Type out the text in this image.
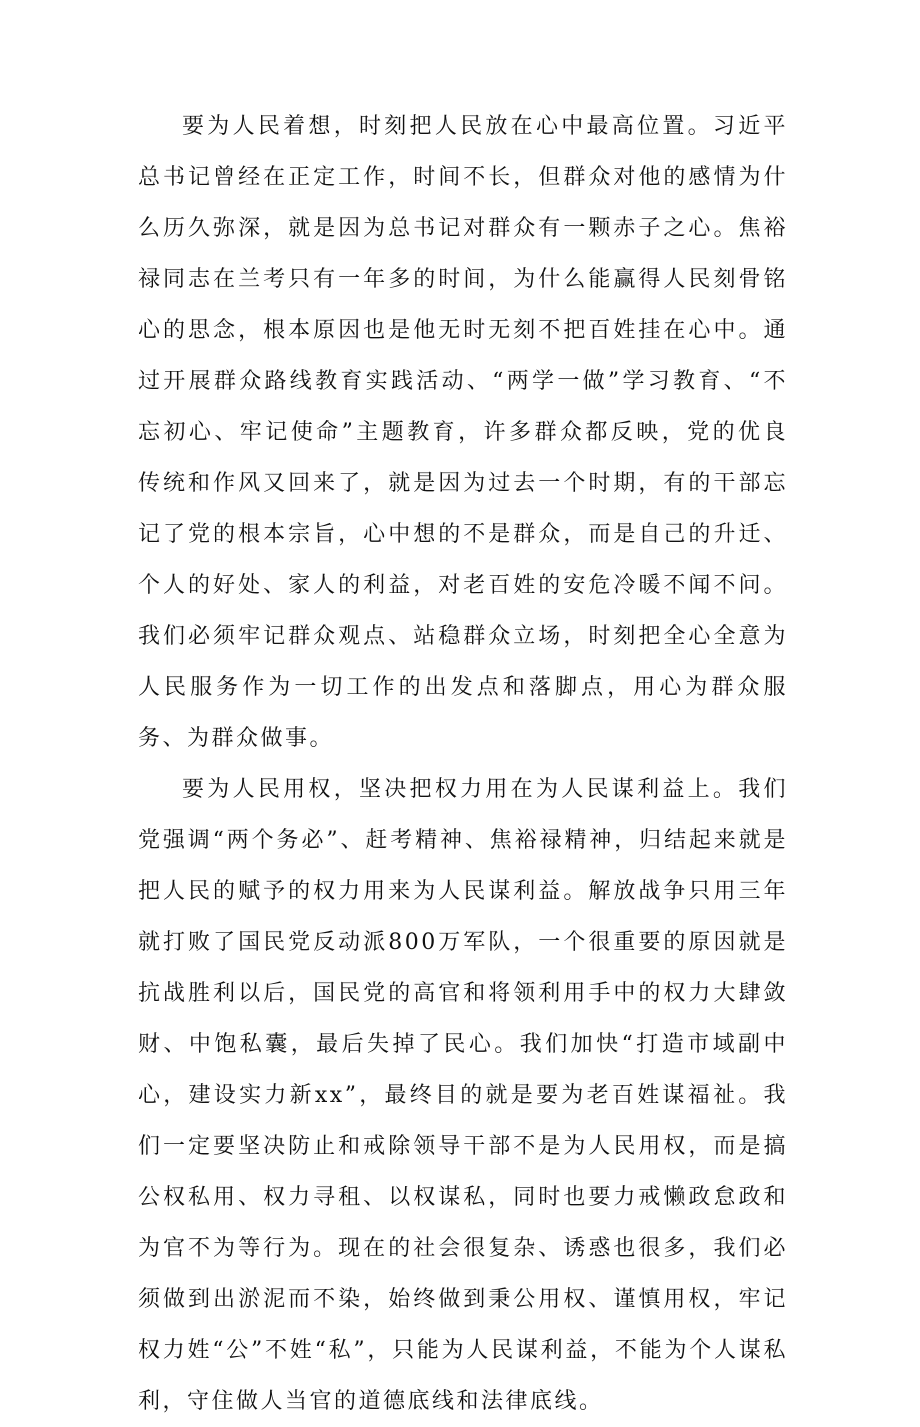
要为人民着想，时刻把人民放在心中最高位置。习近平总书记曾经在正定工作，时间不长，但群众对他的感情为什么历久弥深，就是因为总书记对群众有一颗赤子之心。焦裕禄同志在兰考只有一年多的时间，为什么能赢得人民刻骨铭心的思念，根本原因也是他无时无刻不把百姓挂在心中。通过开展群众路线教育实践活动、“两学一做”学习教育、“不忘初心、牢记使命”主题教育，许多群众都反映，党的优良传统和作风又回来了，就是因为过去一个时期，有的干部忘记了党的根本宗旨，心中想的不是群众，而是自己的升迁、个人的好处、家人的利益，对老百姓的安危冷暖不闻不问。我们必须牢记群众观点、站稳群众立场，时刻把全心全意为人民服务作为一切工作的出发点和落脚点，用心为群众服务、为群众做事。

要为人民用权，坚决把权力用在为人民谋利益上。我们党强调“两个务必”、赶考精神、焦裕禄精神，归结起来就是把人民的赋予的权力用来为人民谋利益。解放战争只用三年就打败了国民党反动派800万军队，一个很重要的原因就是抗战胜利以后，国民党的高官和将领利用手中的权力大肆敛财、中饱私囊，最后失掉了民心。我们加快“打造市域副中心，建设实力新xx”，最终目的就是要为老百姓谋福祉。我们一定要坚决防止和戒除领导干部不是为人民用权，而是搞公权私用、权力寻租、以权谋私，同时也要力戒懒政怠政和为官不为等行为。现在的社会很复杂、诱惑也很多，我们必须做到出淤泥而不染，始终做到秉公用权、谨慎用权，牢记权力姓“公”不姓“私”，只能为人民谋利益，不能为个人谋私利，守住做人当官的道德底线和法律底线。
